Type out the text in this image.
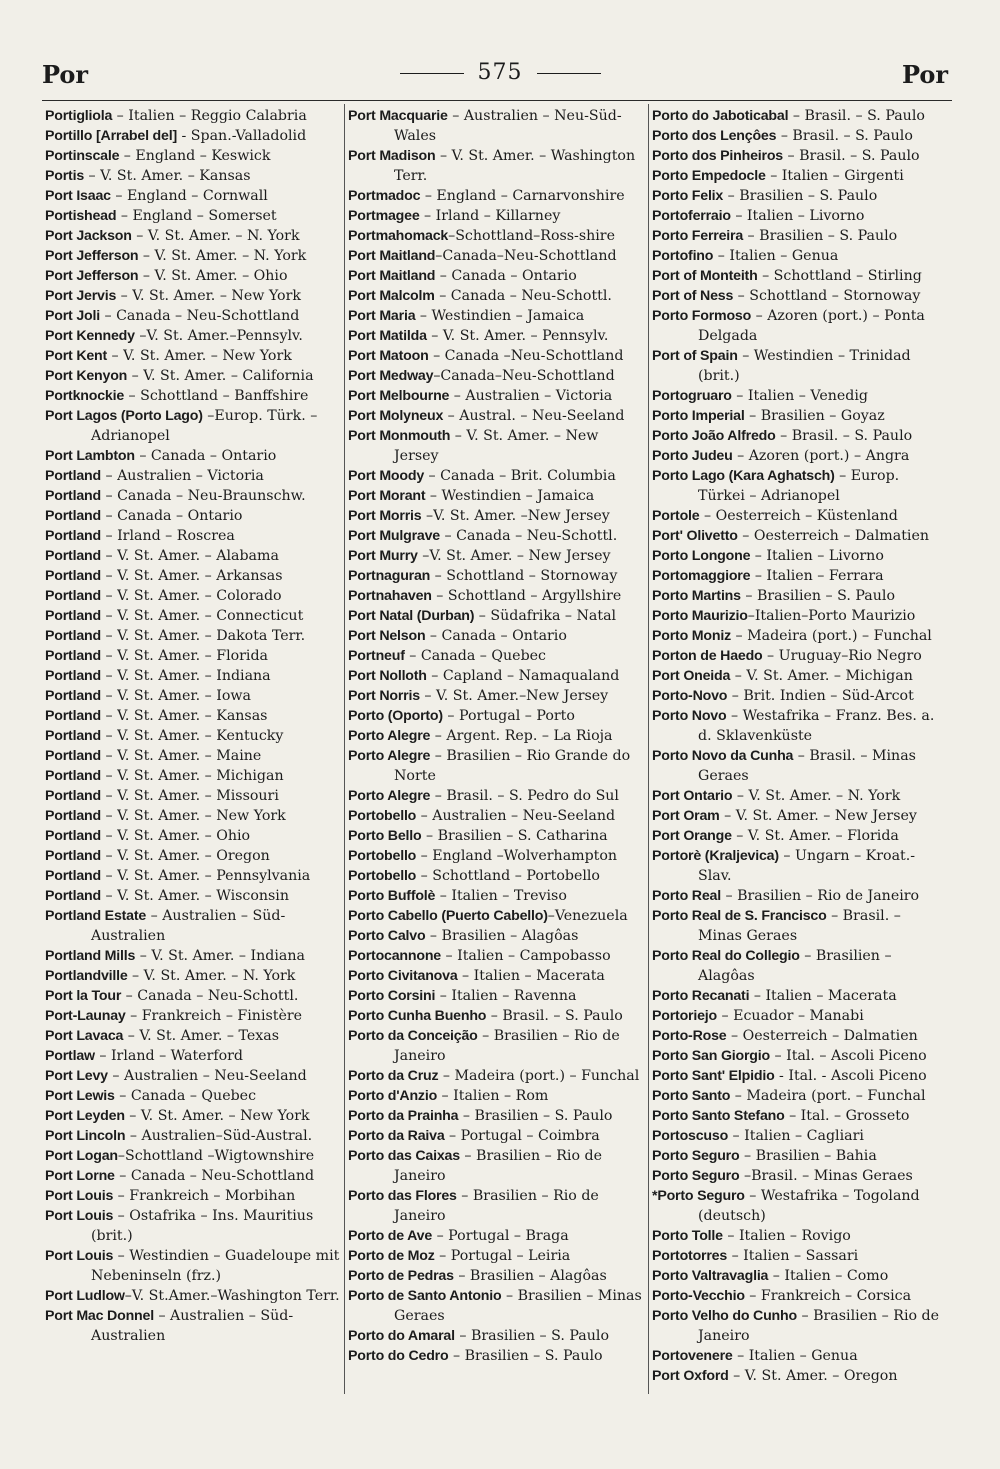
Por	575	Por

Portigliola – Italien – Reggio Calabria

Portillo [Arrabel del] - Span.-Valladolid

Portinscale – England – Keswick

Portis – V. St. Amer. – Kansas

Port Isaac – England – Cornwall

Portishead – England – Somerset

Port Jackson – V. St. Amer. – N. York

Port Jefferson – V. St. Amer. – N. York

Port Jefferson – V. St. Amer. – Ohio

Port Jervis – V. St. Amer. – New York

Port Joli – Canada – Neu-Schottland

Port Kennedy –V. St. Amer.–Pennsylv.

Port Kent – V. St. Amer. – New York

Port Kenyon – V. St. Amer. – California

Portknockie – Schottland – Banffshire

Port Lagos (Porto Lago) –Europ. Türk. – Adrianopel

Port Lambton – Canada – Ontario

Portland – Australien – Victoria

Portland – Canada – Neu-Braunschw.

Portland – Canada – Ontario

Portland – Irland – Roscrea

Portland – V. St. Amer. – Alabama

Portland – V. St. Amer. – Arkansas

Portland – V. St. Amer. – Colorado

Portland – V. St. Amer. – Connecticut

Portland – V. St. Amer. – Dakota Terr.

Portland – V. St. Amer. – Florida

Portland – V. St. Amer. – Indiana

Portland – V. St. Amer. – Iowa

Portland – V. St. Amer. – Kansas

Portland – V. St. Amer. – Kentucky

Portland – V. St. Amer. – Maine

Portland – V. St. Amer. – Michigan

Portland – V. St. Amer. – Missouri

Portland – V. St. Amer. – New York

Portland – V. St. Amer. – Ohio

Portland – V. St. Amer. – Oregon

Portland – V. St. Amer. – Pennsylvania

Portland – V. St. Amer. – Wisconsin

Portland Estate – Australien – Süd-Australien

Portland Mills – V. St. Amer. – Indiana

Portlandville – V. St. Amer. – N. York

Port la Tour – Canada – Neu-Schottl.

Port-Launay – Frankreich – Finistère

Port Lavaca – V. St. Amer. – Texas

Portlaw – Irland – Waterford

Port Levy – Australien – Neu-Seeland

Port Lewis – Canada – Quebec

Port Leyden – V. St. Amer. – New York

Port Lincoln – Australien–Süd-Austral.

Port Logan–Schottland –Wigtownshire

Port Lorne – Canada – Neu-Schottland

Port Louis – Frankreich – Morbihan

Port Louis – Ostafrika – Ins. Mauritius (brit.)

Port Louis – Westindien – Guadeloupe mit Nebeninseln (frz.)

Port Ludlow–V. St.Amer.–Washington Terr.

Port Mac Donnel – Australien – Süd-Australien

Port Macquarie – Australien – Neu-Süd-Wales

Port Madison – V. St. Amer. – Washington Terr.

Portmadoc – England – Carnarvonshire

Portmagee – Irland – Killarney

Portmahomack–Schottland–Ross-shire

Port Maitland–Canada–Neu-Schottland

Port Maitland – Canada – Ontario

Port Malcolm – Canada – Neu-Schottl.

Port Maria – Westindien – Jamaica

Port Matilda – V. St. Amer. – Pennsylv.

Port Matoon – Canada –Neu-Schottland

Port Medway–Canada–Neu-Schottland

Port Melbourne – Australien – Victoria

Port Molyneux – Austral. – Neu-Seeland

Port Monmouth – V. St. Amer. – New Jersey

Port Moody – Canada – Brit. Columbia

Port Morant – Westindien – Jamaica

Port Morris –V. St. Amer. –New Jersey

Port Mulgrave – Canada – Neu-Schottl.

Port Murry –V. St. Amer. – New Jersey

Portnaguran – Schottland – Stornoway

Portnahaven – Schottland – Argyllshire

Port Natal (Durban) – Südafrika – Natal

Port Nelson – Canada – Ontario

Portneuf – Canada – Quebec

Port Nolloth – Capland – Namaqualand

Port Norris – V. St. Amer.–New Jersey

Porto (Oporto) – Portugal – Porto

Porto Alegre – Argent. Rep. – La Rioja

Porto Alegre – Brasilien – Rio Grande do Norte

Porto Alegre – Brasil. – S. Pedro do Sul

Portobello – Australien – Neu-Seeland

Porto Bello – Brasilien – S. Catharina

Portobello – England –Wolverhampton

Portobello – Schottland – Portobello

Porto Buffolè – Italien – Treviso

Porto Cabello (Puerto Cabello)–Venezuela

Porto Calvo – Brasilien – Alagôas

Portocannone – Italien – Campobasso

Porto Civitanova – Italien – Macerata

Porto Corsini – Italien – Ravenna

Porto Cunha Buenho – Brasil. – S. Paulo

Porto da Conceição – Brasilien – Rio de Janeiro

Porto da Cruz – Madeira (port.) – Funchal

Porto d'Anzio – Italien – Rom

Porto da Prainha – Brasilien – S. Paulo

Porto da Raiva – Portugal – Coimbra

Porto das Caixas – Brasilien – Rio de Janeiro

Porto das Flores – Brasilien – Rio de Janeiro

Porto de Ave – Portugal – Braga

Porto de Moz – Portugal – Leiria

Porto de Pedras – Brasilien – Alagôas

Porto de Santo Antonio – Brasilien – Minas Geraes

Porto do Amaral – Brasilien – S. Paulo

Porto do Cedro – Brasilien – S. Paulo

Porto do Jaboticabal – Brasil. – S. Paulo

Porto dos Lençôes – Brasil. – S. Paulo

Porto dos Pinheiros – Brasil. – S. Paulo

Porto Empedocle – Italien – Girgenti

Porto Felix – Brasilien – S. Paulo

Portoferraio – Italien – Livorno

Porto Ferreira – Brasilien – S. Paulo

Portofino – Italien – Genua

Port of Monteith – Schottland – Stirling

Port of Ness – Schottland – Stornoway

Porto Formoso – Azoren (port.) – Ponta Delgada

Port of Spain – Westindien – Trinidad (brit.)

Portogruaro – Italien – Venedig

Porto Imperial – Brasilien – Goyaz

Porto João Alfredo – Brasil. – S. Paulo

Porto Judeu – Azoren (port.) – Angra

Porto Lago (Kara Aghatsch) – Europ. Türkei – Adrianopel

Portole – Oesterreich – Küstenland

Port' Olivetto – Oesterreich – Dalmatien

Porto Longone – Italien – Livorno

Portomaggiore – Italien – Ferrara

Porto Martins – Brasilien – S. Paulo

Porto Maurizio–Italien–Porto Maurizio

Porto Moniz – Madeira (port.) – Funchal

Porton de Haedo – Uruguay–Rio Negro

Port Oneida – V. St. Amer. – Michigan

Porto-Novo – Brit. Indien – Süd-Arcot

Porto Novo – Westafrika – Franz. Bes. a. d. Sklavenküste

Porto Novo da Cunha – Brasil. – Minas Geraes

Port Ontario – V. St. Amer. – N. York

Port Oram – V. St. Amer. – New Jersey

Port Orange – V. St. Amer. – Florida

Portorè (Kraljevica) – Ungarn – Kroat.-Slav.

Porto Real – Brasilien – Rio de Janeiro

Porto Real de S. Francisco – Brasil. – Minas Geraes

Porto Real do Collegio – Brasilien – Alagôas

Porto Recanati – Italien – Macerata

Portoriejo – Ecuador – Manabi

Porto-Rose – Oesterreich – Dalmatien

Porto San Giorgio – Ital. – Ascoli Piceno

Porto Sant' Elpidio - Ital. - Ascoli Piceno

Porto Santo – Madeira (port. – Funchal

Porto Santo Stefano – Ital. – Grosseto

Portoscuso – Italien – Cagliari

Porto Seguro – Brasilien – Bahia

Porto Seguro –Brasil. – Minas Geraes

*Porto Seguro – Westafrika – Togoland (deutsch)

Porto Tolle – Italien – Rovigo

Portotorres – Italien – Sassari

Porto Valtravaglia – Italien – Como

Porto-Vecchio – Frankreich – Corsica

Porto Velho do Cunho – Brasilien – Rio de Janeiro

Portovenere – Italien – Genua

Port Oxford – V. St. Amer. – Oregon
